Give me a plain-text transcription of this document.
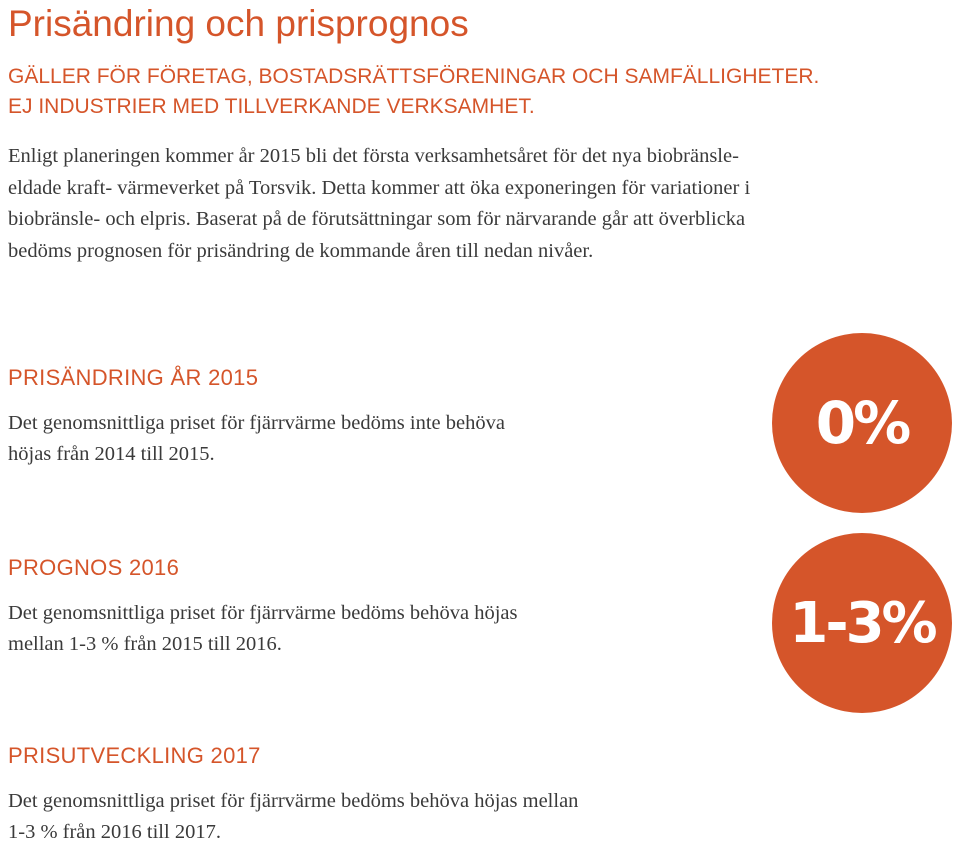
Prisändring och prisprognos
GÄLLER FÖR FÖRETAG, BOSTADSRÄTTSFÖRENINGAR OCH SAMFÄLLIGHETER.
EJ INDUSTRIER MED TILLVERKANDE VERKSAMHET.
Enligt planeringen kommer år 2015 bli det första verksamhetsåret för det nya biobränsle-
eldade kraft- värmeverket på Torsvik. Detta kommer att öka exponeringen för variationer i
biobränsle- och elpris. Baserat på de förutsättningar som för närvarande går att överblicka
bedöms prognosen för prisändring de kommande åren till nedan nivåer.
PRISÄNDRING ÅR 2015
Det genomsnittliga priset för fjärrvärme bedöms inte behöva
höjas från 2014 till 2015.	0%
PROGNOS 2016
Det genomsnittliga priset för fjärrvärme bedöms behöva höjas
mellan 1-3 % från 2015 till 2016.	1-3%
PRISUTVECKLING 2017
Det genomsnittliga priset för fjärrvärme bedöms behöva höjas mellan
1-3 % från 2016 till 2017.
